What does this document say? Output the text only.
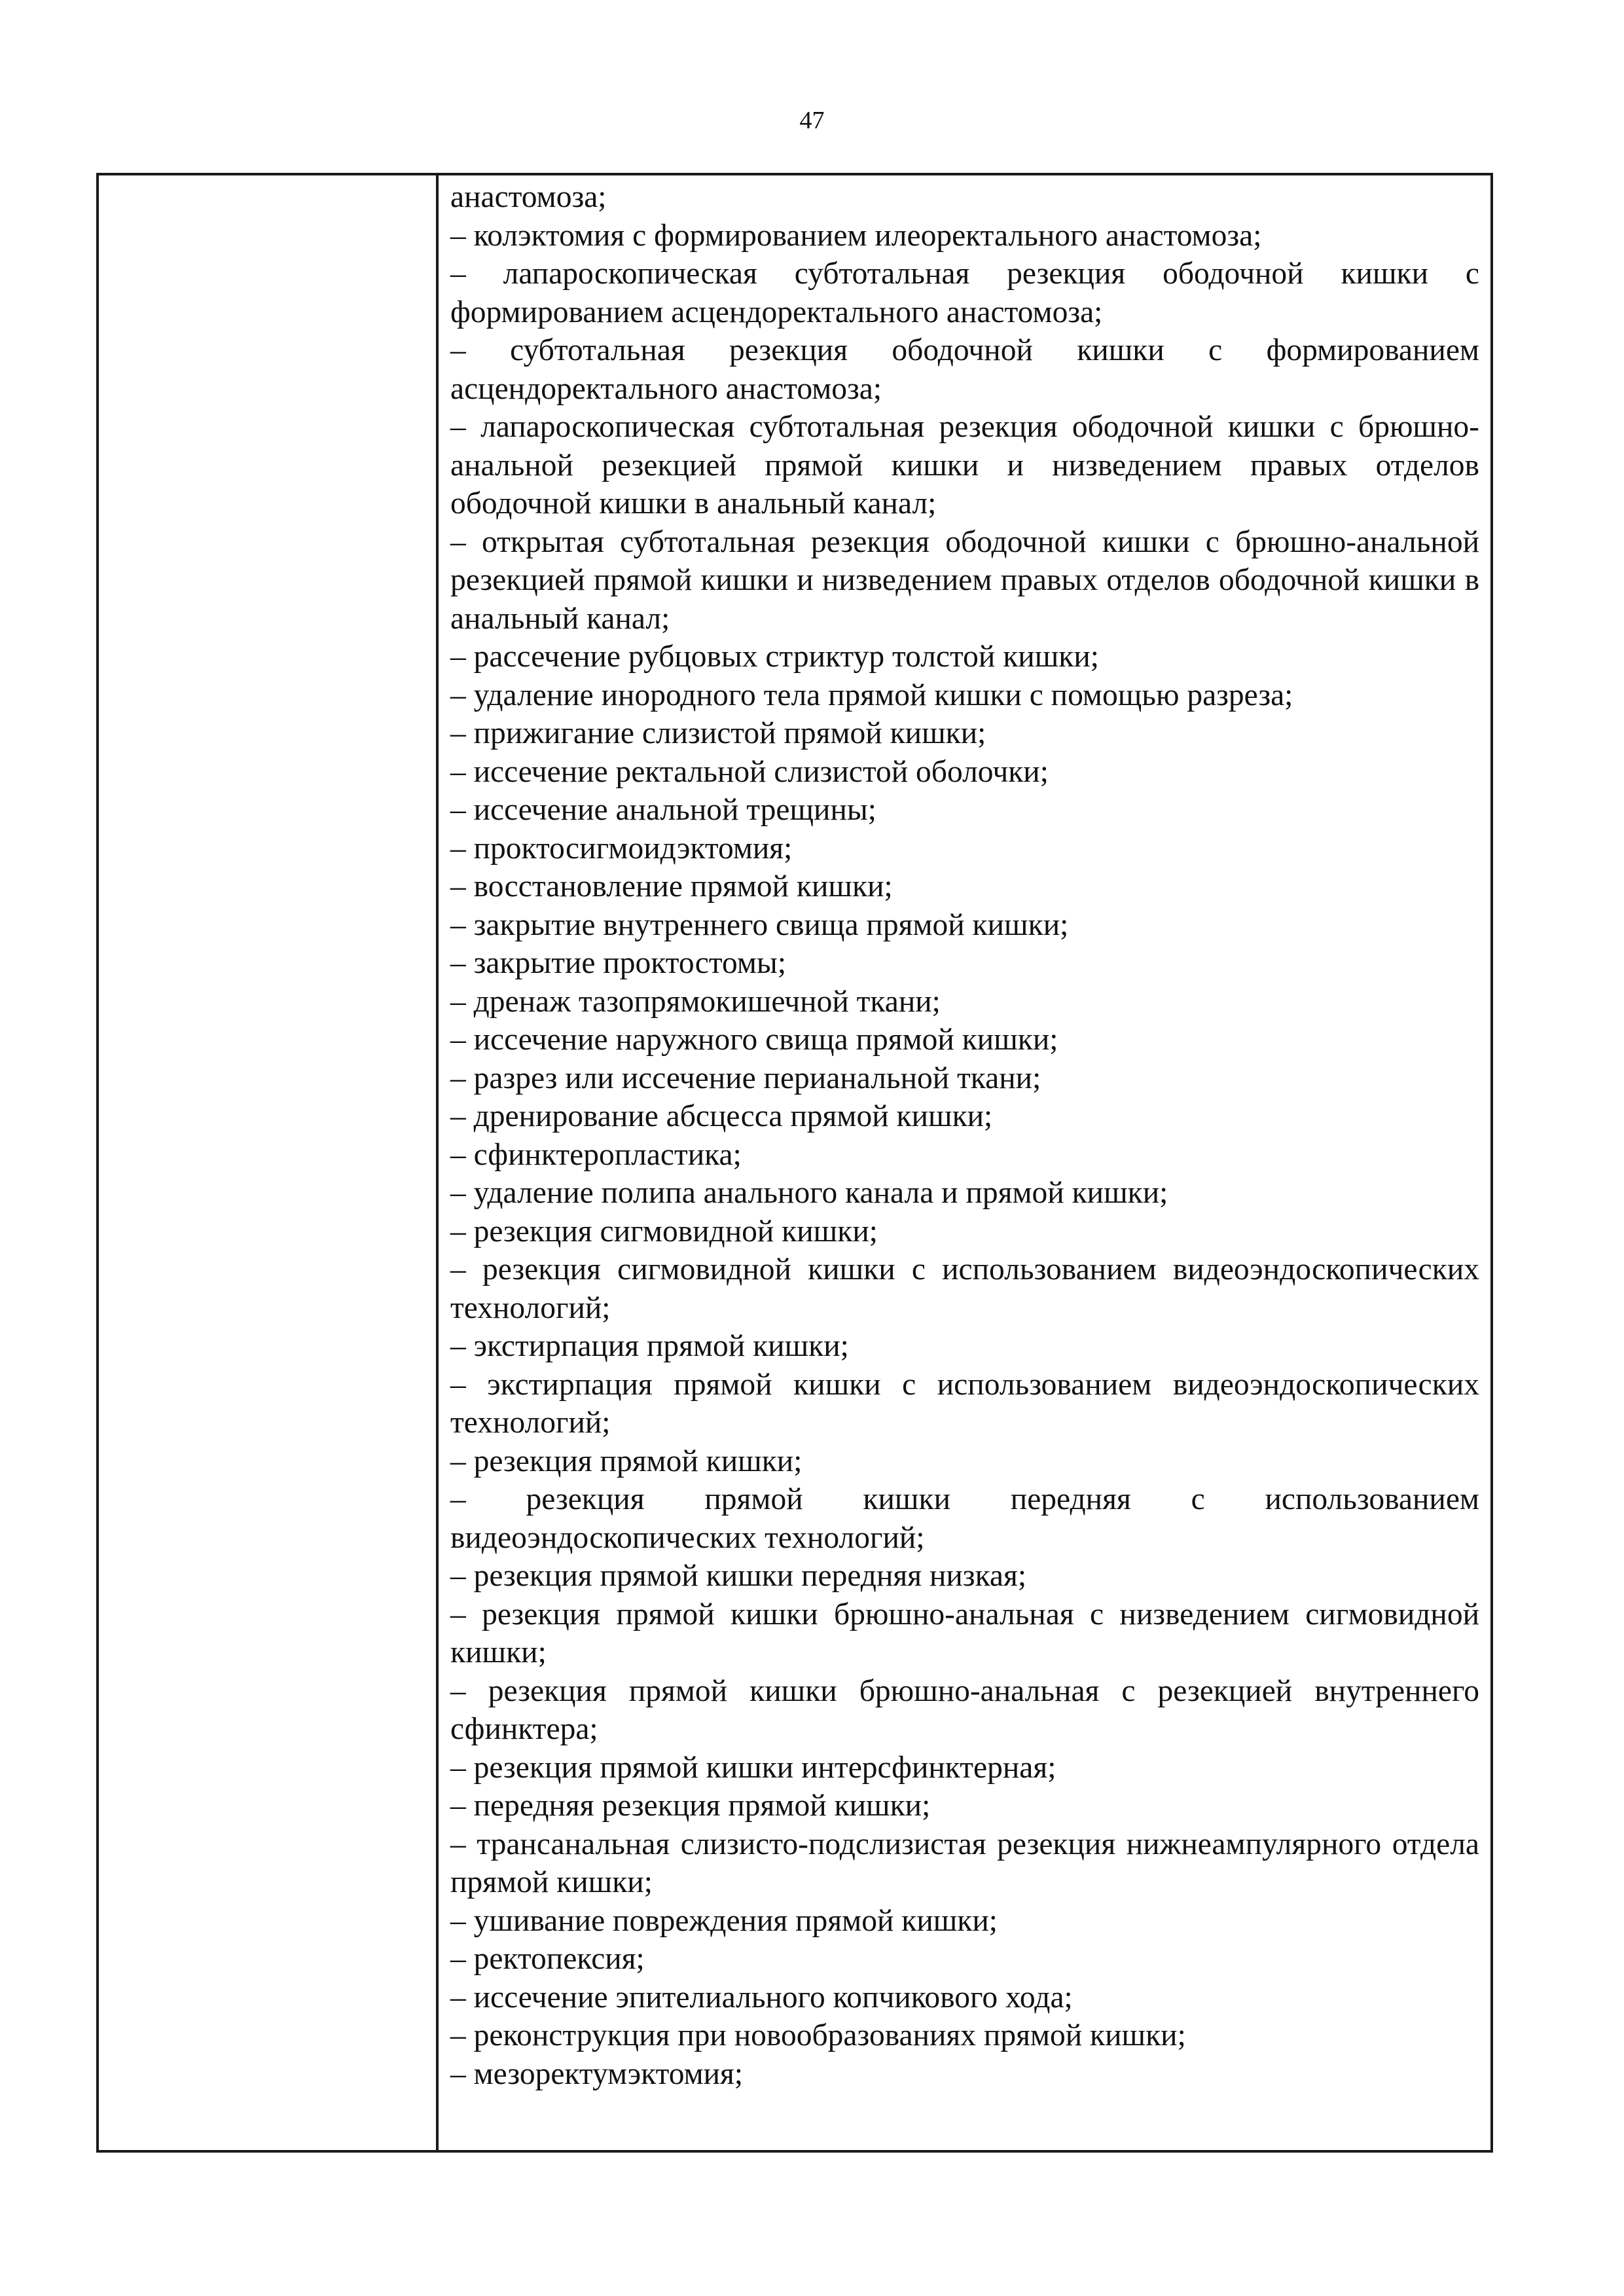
47

анастомоза;

– колэктомия с формированием илеоректального анастомоза;

– лапароскопическая субтотальная резекция ободочной кишки с формированием асцендоректального анастомоза;

– субтотальная резекция ободочной кишки с формированием асцендоректального анастомоза;

– лапароскопическая субтотальная резекция ободочной кишки с брюшно-анальной резекцией прямой кишки и низведением правых отделов ободочной кишки в анальный канал;

– открытая субтотальная резекция ободочной кишки с брюшно-анальной резекцией прямой кишки и низведением правых отделов ободочной кишки в анальный канал;

– рассечение рубцовых стриктур толстой кишки;

– удаление инородного тела прямой кишки с помощью разреза;

– прижигание слизистой прямой кишки;

– иссечение ректальной слизистой оболочки;

– иссечение анальной трещины;

– проктосигмоидэктомия;

– восстановление прямой кишки;

– закрытие внутреннего свища прямой кишки;

– закрытие проктостомы;

– дренаж тазопрямокишечной ткани;

– иссечение наружного свища прямой кишки;

– разрез или иссечение перианальной ткани;

– дренирование абсцесса прямой кишки;

– сфинктеропластика;

– удаление полипа анального канала и прямой кишки;

– резекция сигмовидной кишки;

– резекция сигмовидной кишки с использованием видеоэндоскопических технологий;

– экстирпация прямой кишки;

– экстирпация прямой кишки с использованием видеоэндоскопических технологий;

– резекция прямой кишки;

– резекция прямой кишки передняя с использованием видеоэндоскопических технологий;

– резекция прямой кишки передняя низкая;

– резекция прямой кишки брюшно-анальная с низведением сигмовидной кишки;

– резекция прямой кишки брюшно-анальная с резекцией внутреннего сфинктера;

– резекция прямой кишки интерсфинктерная;

– передняя резекция прямой кишки;

– трансанальная слизисто-подслизистая резекция нижнеампулярного отдела прямой кишки;

– ушивание повреждения прямой кишки;

– ректопексия;

– иссечение эпителиального копчикового хода;

– реконструкция при новообразованиях прямой кишки;

– мезоректумэктомия;
